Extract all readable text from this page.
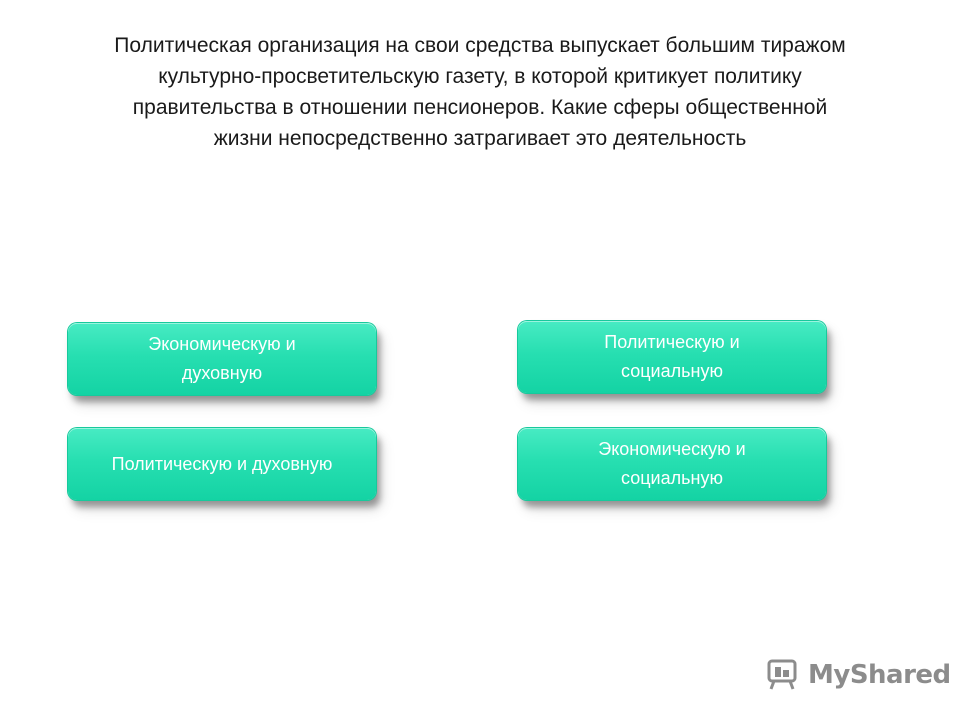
Политическая организация на свои средства выпускает большим тиражом
культурно-просветительскую газету, в которой критикует политику
правительства в отношении пенсионеров. Какие сферы общественной
жизни непосредственно затрагивает это деятельность
Экономическую и
духовную
Политическую и
социальную
Политическую и духовную
Экономическую и
социальную
MyShared
